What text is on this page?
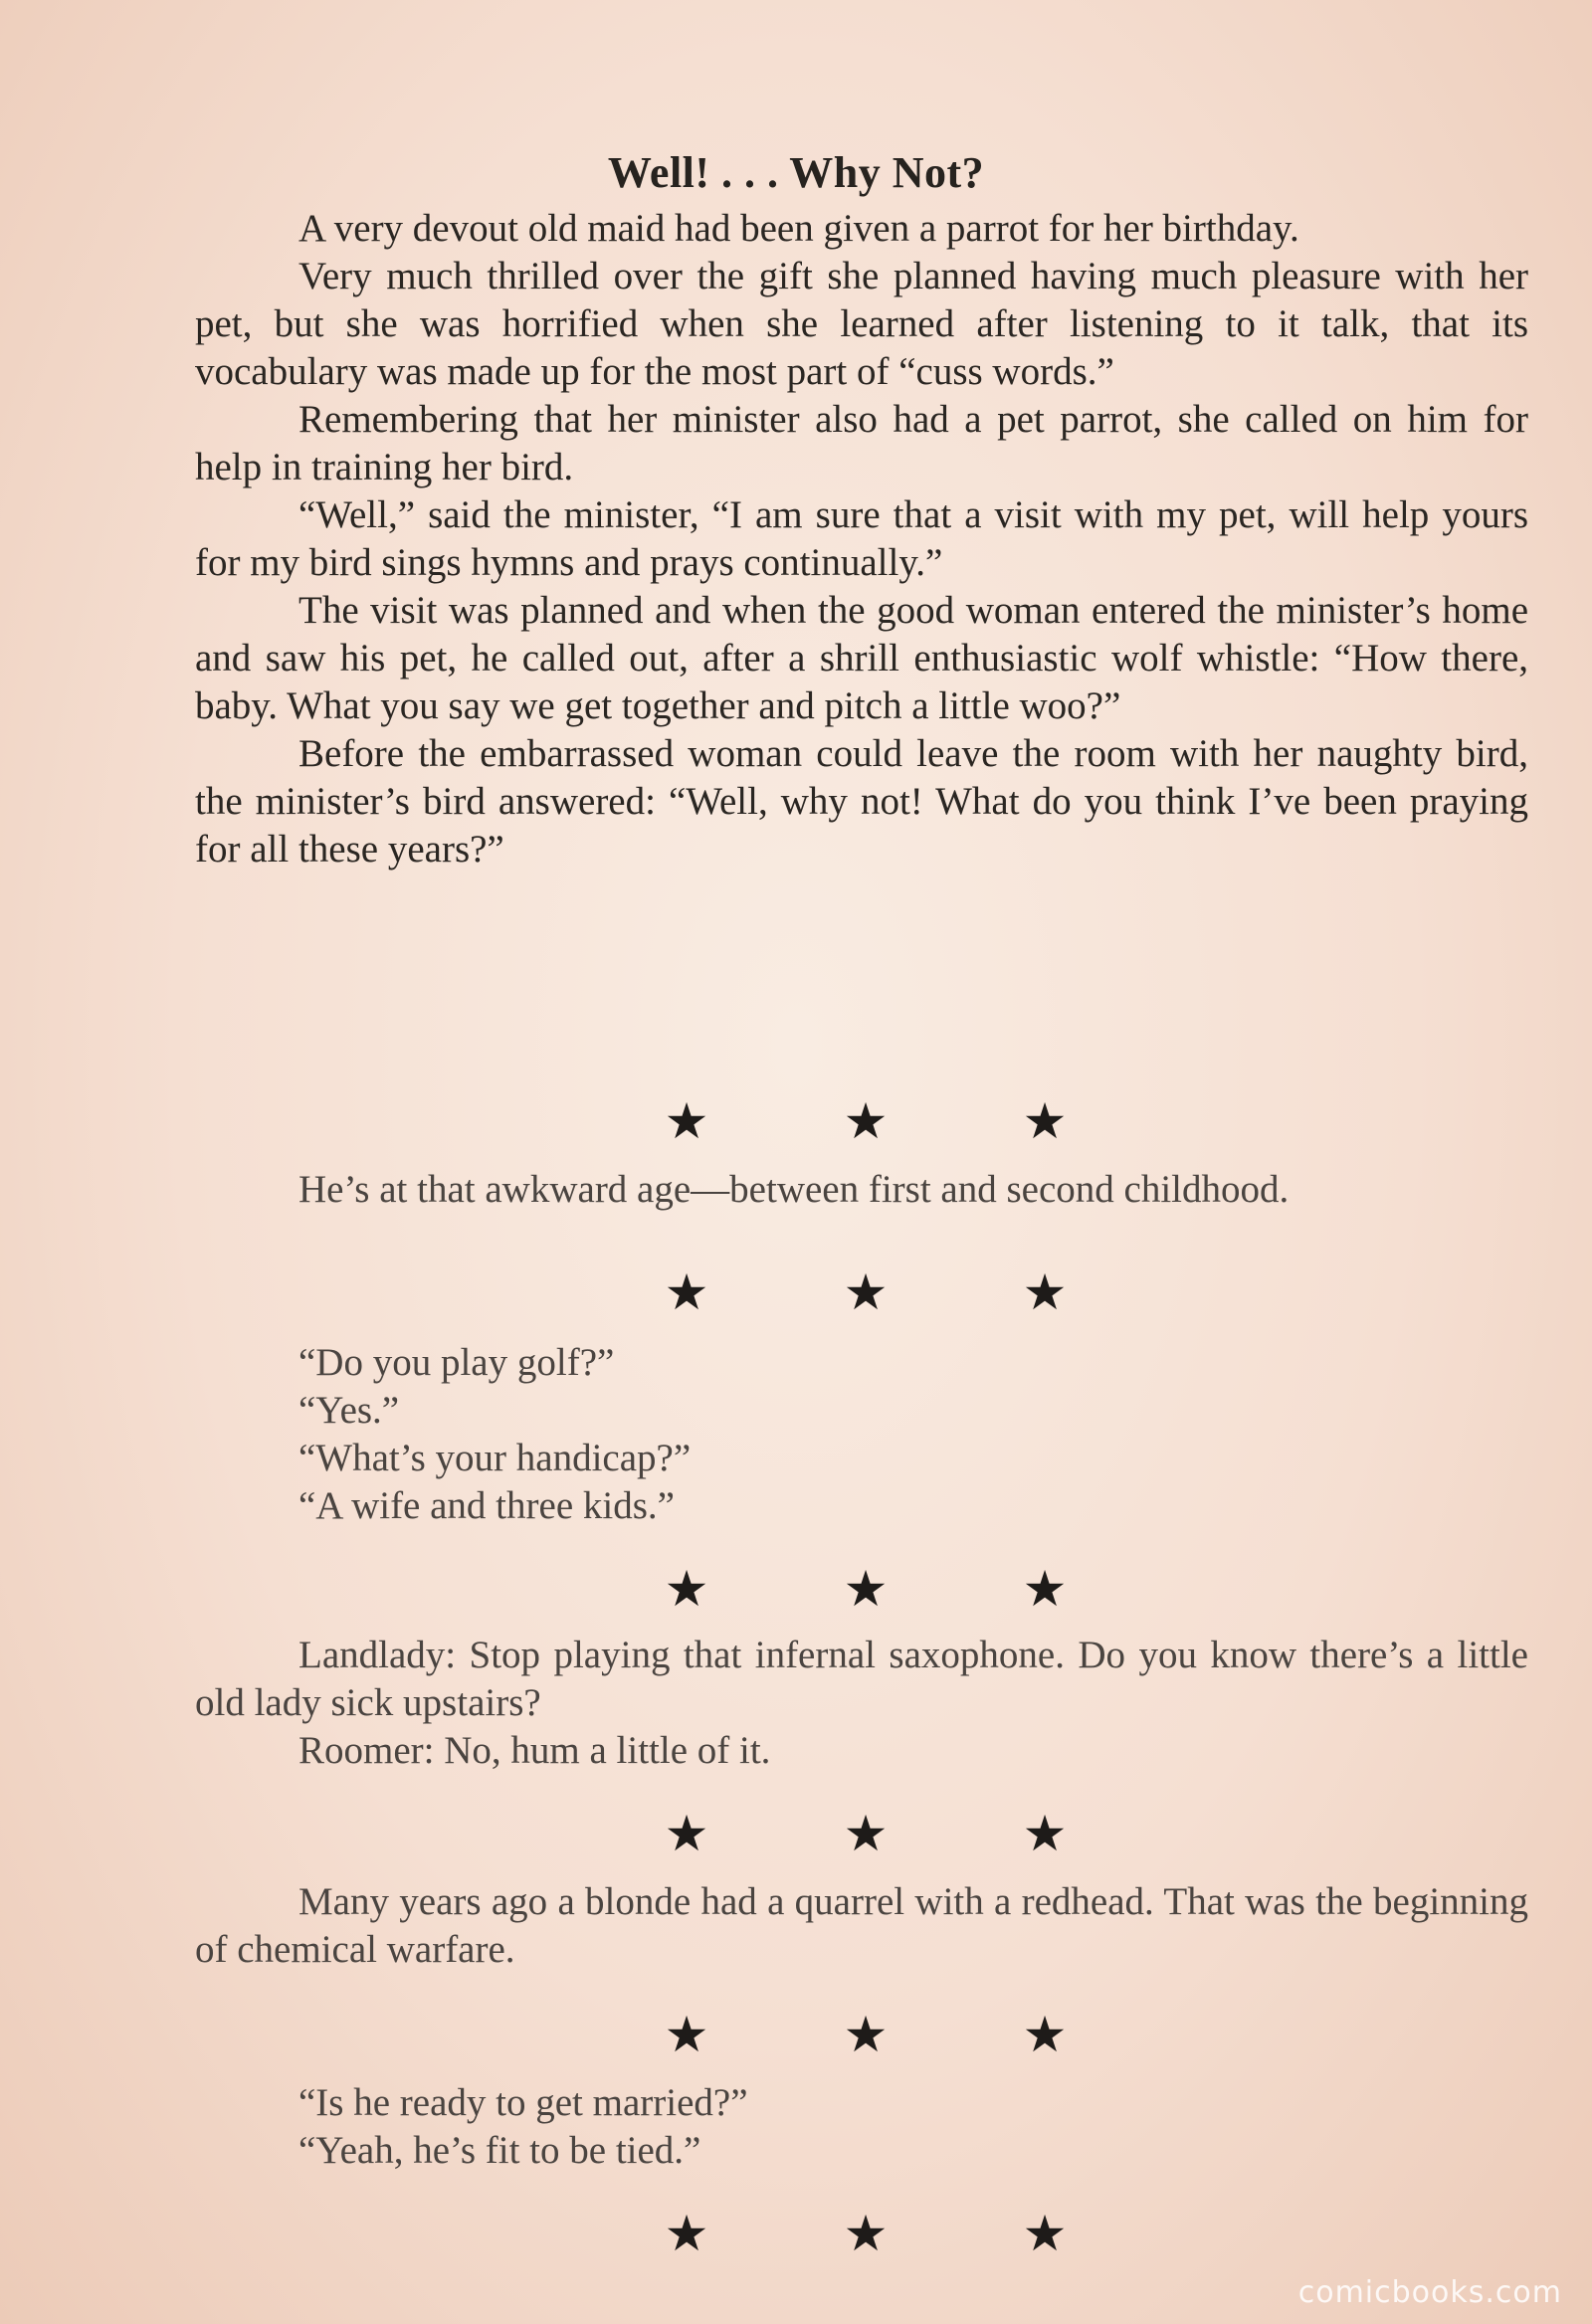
Well! . . . Why Not?

A very devout old maid had been given a parrot for her birthday.

Very much thrilled over the gift she planned having much pleasure with her pet, but she was horrified when she learned after listening to it talk, that its vocabulary was made up for the most part of “cuss words.”

Remembering that her minister also had a pet parrot, she called on him for help in training her bird.

“Well,” said the minister, “I am sure that a visit with my pet, will help yours for my bird sings hymns and prays continually.”

The visit was planned and when the good woman entered the minister’s home and saw his pet, he called out, after a shrill enthusiastic wolf whistle: “How there, baby. What you say we get together and pitch a little woo?”

Before the embarrassed woman could leave the room with her naughty bird, the minister’s bird answered: “Well, why not! What do you think I’ve been praying for all these years?”

★	★	★

He’s at that awkward age—between first and second childhood.

★	★	★
“Do you play golf?”
“Yes.”
“What’s your handicap?”
“A wife and three kids.”
★	★	★

Landlady: Stop playing that infernal saxophone. Do you know there’s a little old lady sick upstairs?

Roomer: No, hum a little of it.

★	★	★

Many years ago a blonde had a quarrel with a redhead. That was the beginning of chemical warfare.

★	★	★
“Is he ready to get married?”
“Yeah, he’s fit to be tied.”
★	★	★
comicbooks.com
